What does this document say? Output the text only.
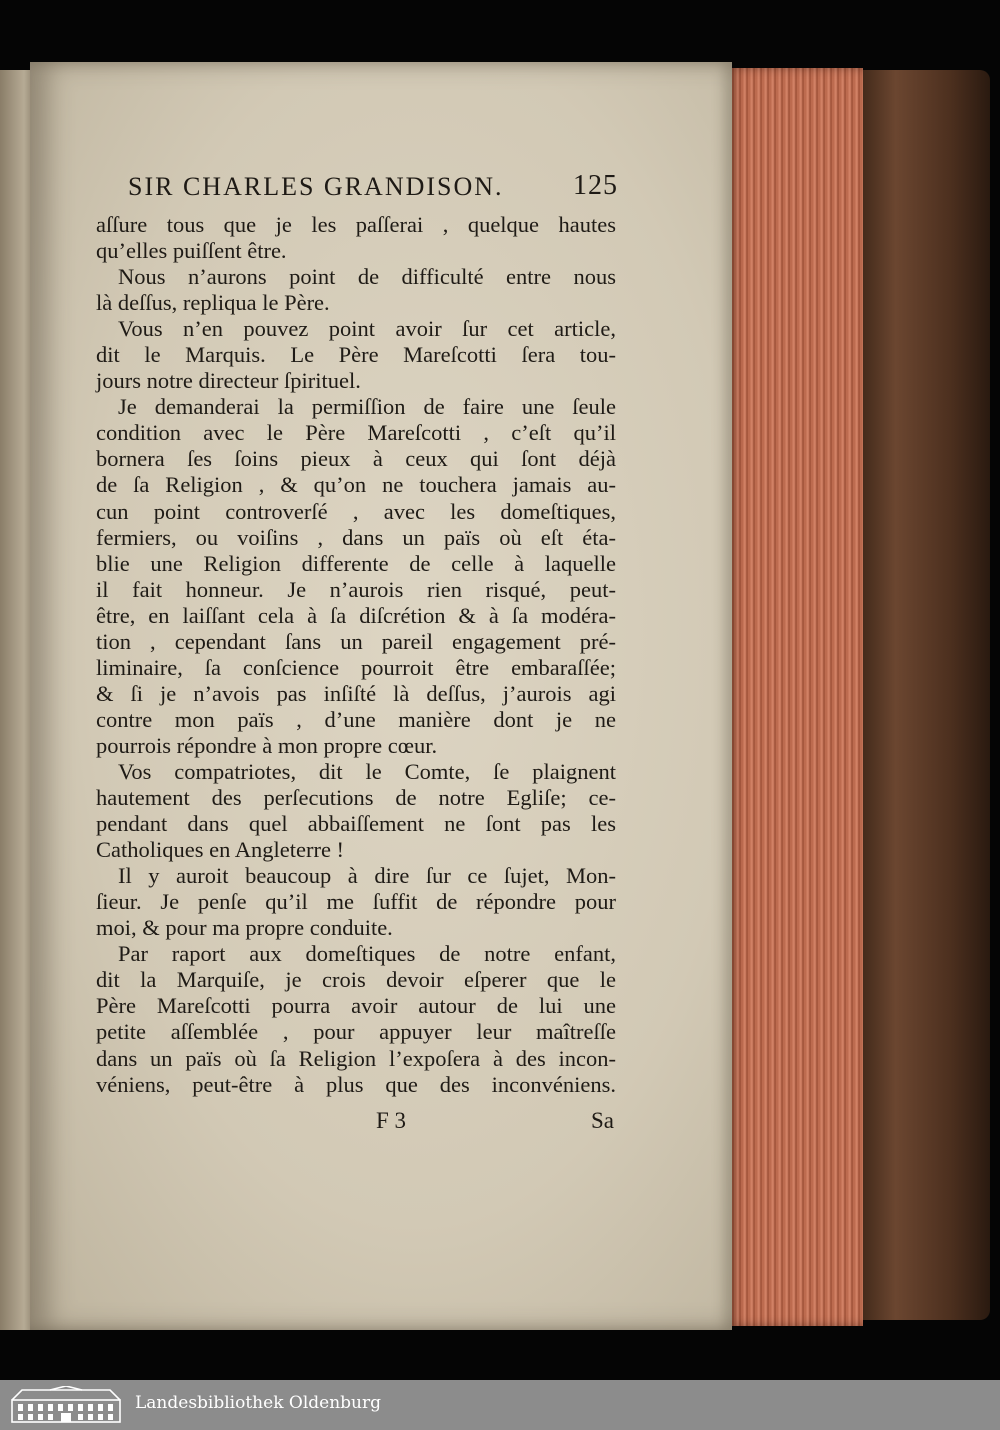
SIR CHARLES GRANDISON. 125
aſſure tous que je les paſſerai , quelque hautes
qu’elles puiſſent être.
Nous n’aurons point de difficulté entre nous
là deſſus, repliqua le Père.
Vous n’en pouvez point avoir ſur cet article,
dit le Marquis. Le Père Mareſcotti ſera tou-
jours notre directeur ſpirituel.
Je demanderai la permiſſion de faire une ſeule
condition avec le Père Mareſcotti , c’eſt qu’il
bornera ſes ſoins pieux à ceux qui ſont déjà
de ſa Religion , & qu’on ne touchera jamais au-
cun point controverſé , avec les domeſtiques,
fermiers, ou voiſins , dans un païs où eſt éta-
blie une Religion differente de celle à laquelle
il fait honneur. Je n’aurois rien risqué, peut-
être, en laiſſant cela à ſa diſcrétion & à ſa modéra-
tion , cependant ſans un pareil engagement pré-
liminaire, ſa conſcience pourroit être embaraſſée;
& ſi je n’avois pas inſiſté là deſſus, j’aurois agi
contre mon païs , d’une manière dont je ne
pourrois répondre à mon propre cœur.
Vos compatriotes, dit le Comte, ſe plaignent
hautement des perſecutions de notre Egliſe; ce-
pendant dans quel abbaiſſement ne ſont pas les
Catholiques en Angleterre !
Il y auroit beaucoup à dire ſur ce ſujet, Mon-
ſieur. Je penſe qu’il me ſuffit de répondre pour
moi, & pour ma propre conduite.
Par raport aux domeſtiques de notre enfant,
dit la Marquiſe, je crois devoir eſperer que le
Père Mareſcotti pourra avoir autour de lui une
petite aſſemblée , pour appuyer leur maîtreſſe
dans un païs où ſa Religion l’expoſera à des incon-
véniens, peut-être à plus que des inconvéniens.
F 3	Sa
Landesbibliothek Oldenburg
